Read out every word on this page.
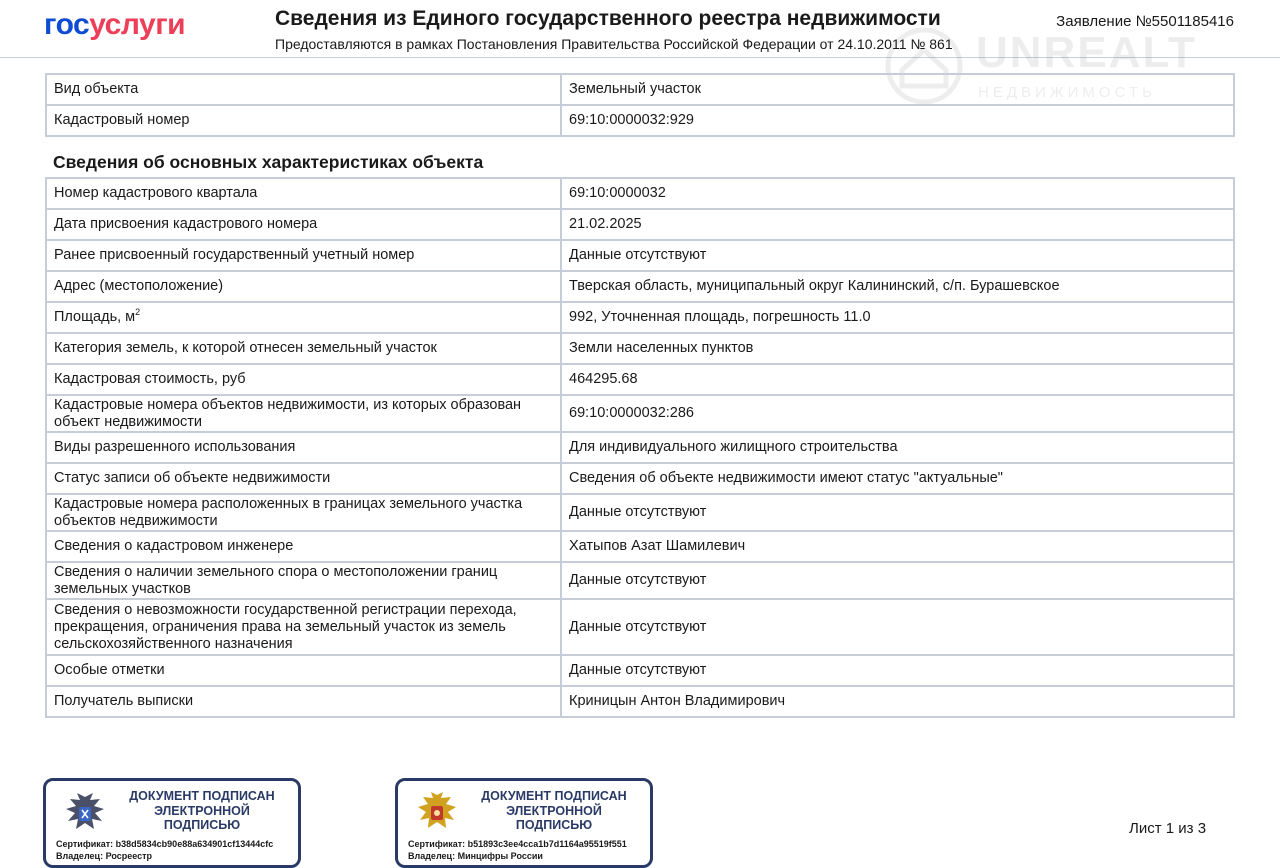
госуслуги	Сведения из Единого государственного реестра недвижимости
Предоставляются в рамках Постановления Правительства Российской Федерации от 24.10.2011 № 861
Заявление №5501185416
UNREALT
НЕДВИЖИМОСТЬ
Вид объекта	Земельный участок
Кадастровый номер	69:10:0000032:929
Сведения об основных характеристиках объекта
Номер кадастрового квартала	69:10:0000032
Дата присвоения кадастрового номера	21.02.2025
Ранее присвоенный государственный учетный номер	Данные отсутствуют
Адрес (местоположение)	Тверская область, муниципальный округ Калининский, с/п. Бурашевское
Площадь, $м^2$	992, Уточненная площадь, погрешность 11.0
Категория земель, к которой отнесен земельный участок	Земли населенных пунктов
Кадастровая стоимость, руб	464295.68
Кадастровые номера объектов недвижимости, из которых образован объект недвижимости	69:10:0000032:286
Виды разрешенного использования	Для индивидуального жилищного строительства
Статус записи об объекте недвижимости	Сведения об объекте недвижимости имеют статус "актуальные"
Кадастровые номера расположенных в границах земельного участка объектов недвижимости	Данные отсутствуют
Сведения о кадастровом инженере	Хатыпов Азат Шамилевич
Сведения о наличии земельного спора о местоположении границ земельных участков	Данные отсутствуют
Сведения о невозможности государственной регистрации перехода, прекращения, ограничения права на земельный участок из земель сельскохозяйственного назначения	Данные отсутствуют
Особые отметки	Данные отсутствуют
Получатель выписки	Криницын Антон Владимирович
ДОКУМЕНТ ПОДПИСАН ЭЛЕКТРОННОЙ ПОДПИСЬЮ
Сертификат: b38d5834cb90e88a634901cf13444cfc
Владелец: Росреестр
ДОКУМЕНТ ПОДПИСАН ЭЛЕКТРОННОЙ ПОДПИСЬЮ
Сертификат: b51893c3ee4cca1b7d1164a95519f551
Владелец: Минцифры России
Лист 1 из 3
